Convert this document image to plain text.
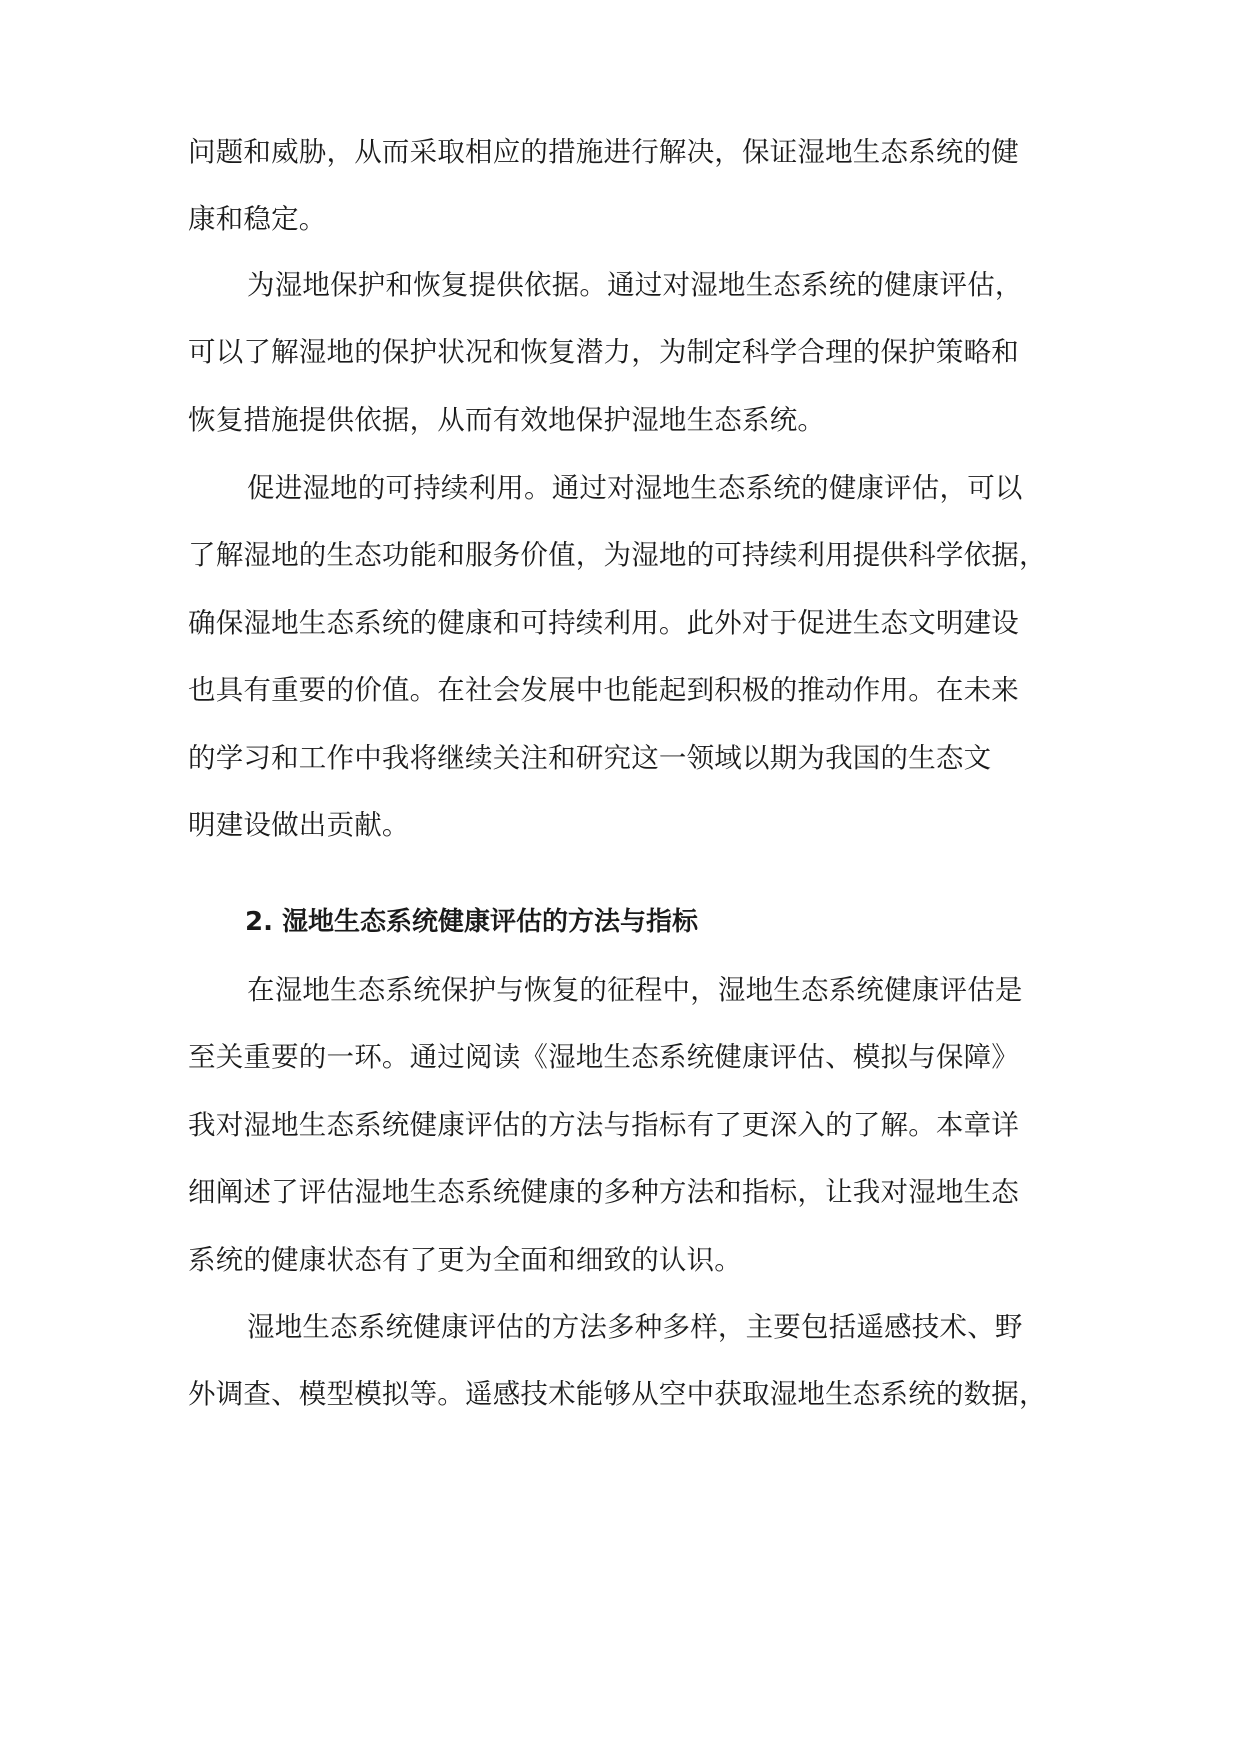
问题和威胁，从而采取相应的措施进行解决，保证湿地生态系统的健
康和稳定。
为湿地保护和恢复提供依据。通过对湿地生态系统的健康评估，
可以了解湿地的保护状况和恢复潜力，为制定科学合理的保护策略和
恢复措施提供依据，从而有效地保护湿地生态系统。
促进湿地的可持续利用。通过对湿地生态系统的健康评估，可以
了解湿地的生态功能和服务价值，为湿地的可持续利用提供科学依据，
确保湿地生态系统的健康和可持续利用。此外对于促进生态文明建设
也具有重要的价值。在社会发展中也能起到积极的推动作用。在未来
的学习和工作中我将继续关注和研究这一领域以期为我国的生态文
明建设做出贡献。
2. 湿地生态系统健康评估的方法与指标
在湿地生态系统保护与恢复的征程中，湿地生态系统健康评估是
至关重要的一环。通过阅读《湿地生态系统健康评估、模拟与保障》
我对湿地生态系统健康评估的方法与指标有了更深入的了解。本章详
细阐述了评估湿地生态系统健康的多种方法和指标，让我对湿地生态
系统的健康状态有了更为全面和细致的认识。
湿地生态系统健康评估的方法多种多样，主要包括遥感技术、野
外调查、模型模拟等。遥感技术能够从空中获取湿地生态系统的数据，
